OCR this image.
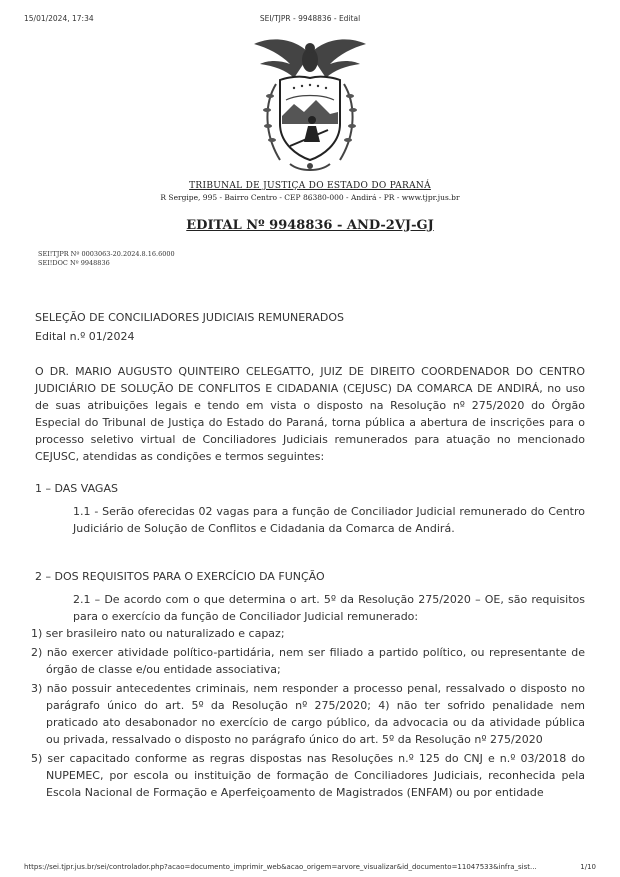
15/01/2024, 17:34	SEI/TJPR - 9948836 - Edital
TRIBUNAL DE JUSTIÇA DO ESTADO DO PARANÁ
R Sergipe, 995 - Bairro Centro - CEP 86380-000 - Andirá - PR - www.tjpr.jus.br
EDITAL Nº 9948836 - AND-2VJ-GJ
SEI!TJPR Nº 0003063-20.2024.8.16.6000
SEI!DOC Nº 9948836

SELEÇÃO DE CONCILIADORES JUDICIAIS REMUNERADOS

Edital n.º 01/2024

O DR. MARIO AUGUSTO QUINTEIRO CELEGATTO, JUIZ DE DIREITO COORDENADOR DO CENTRO JUDICIÁRIO DE SOLUÇÃO DE CONFLITOS E CIDADANIA (CEJUSC) DA COMARCA DE ANDIRÁ, no uso de suas atribuições legais e tendo em vista o disposto na Resolução nº 275/2020 do Órgão Especial do Tribunal de Justiça do Estado do Paraná, torna pública a abertura de inscrições para o processo seletivo virtual de Conciliadores Judiciais remunerados para atuação no mencionado CEJUSC, atendidas as condições e termos seguintes:

1 – DAS VAGAS

1.1 - Serão oferecidas 02 vagas para a função de Conciliador Judicial remunerado do Centro Judiciário de Solução de Conflitos e Cidadania da Comarca de Andirá.

2 – DOS REQUISITOS PARA O EXERCÍCIO DA FUNÇÃO

2.1 – De acordo com o que determina o art. 5º da Resolução 275/2020 – OE, são requisitos para o exercício da função de Conciliador Judicial remunerado:

1) ser brasileiro nato ou naturalizado e capaz;

2) não exercer atividade político-partidária, nem ser filiado a partido político, ou representante de órgão de classe e/ou entidade associativa;

3) não possuir antecedentes criminais, nem responder a processo penal, ressalvado o disposto no parágrafo único do art. 5º da Resolução nº 275/2020; 4) não ter sofrido penalidade nem praticado ato desabonador no exercício de cargo público, da advocacia ou da atividade pública ou privada, ressalvado o disposto no parágrafo único do art. 5º da Resolução nº 275/2020

5) ser capacitado conforme as regras dispostas nas Resoluções n.º 125 do CNJ e n.º 03/2018 do NUPEMEC, por escola ou instituição de formação de Conciliadores Judiciais, reconhecida pela Escola Nacional de Formação e Aperfeiçoamento de Magistrados (ENFAM) ou por entidade

https://sei.tjpr.jus.br/sei/controlador.php?acao=documento_imprimir_web&acao_origem=arvore_visualizar&id_documento=11047533&infra_sist...	1/10
